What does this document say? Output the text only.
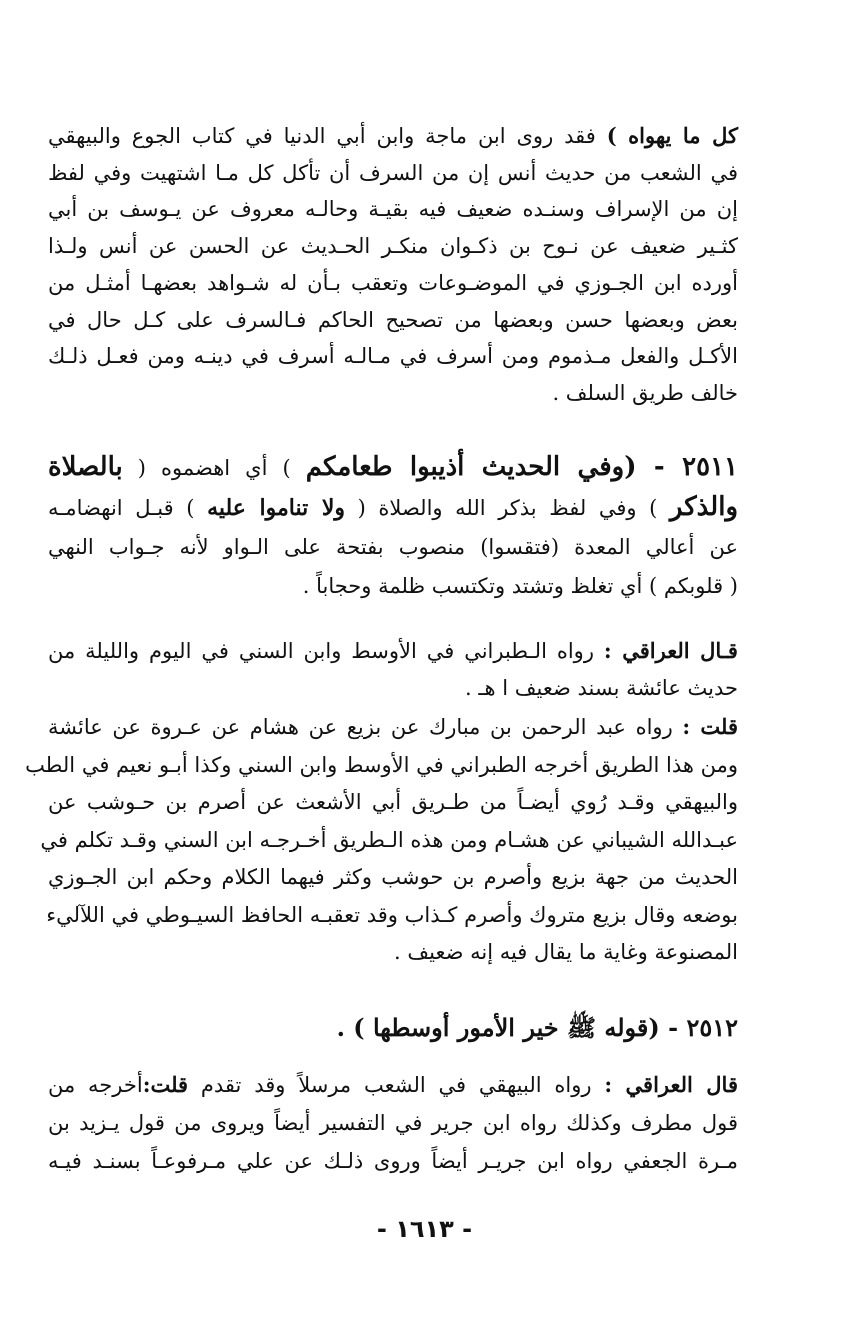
كل ما يهواه ) فقد روى ابن ماجة وابن أبي الدنيا في كتاب الجوع والبيهقي
في الشعب من حديث أنس إن من السرف أن تأكل كل مـا اشتهيت وفي لفظ
إن من الإسراف وسنـده ضعيف فيه بقيـة وحالـه معروف عن يـوسف بن أبي
كثـير ضعيف عن نـوح بن ذكـوان منكـر الحـديث عن الحسن عن أنس ولـذا
أورده ابن الجـوزي في الموضـوعات وتعقب بـأن له شـواهد بعضهـا أمثـل من
بعض وبعضها حسن وبعضها من تصحيح الحاكم فـالسرف على كـل حال في
الأكـل والفعل مـذموم ومن أسرف في مـالـه أسرف في دينـه ومن فعـل ذلـك
خالف طريق السلف .
٢٥١١ - (وفي الحديث أذيبوا طعامكم ) أي اهضموه ( بالصلاة
والذكر ) وفي لفظ بذكر الله والصلاة ( ولا تناموا عليه ) قبـل انهضامـه
عن أعالي المعدة (فتقسوا) منصوب بفتحة على الـواو لأنه جـواب النهي
( قلوبكم ) أي تغلظ وتشتد وتكتسب ظلمة وحجاباً .
قـال العراقي : رواه الـطبراني في الأوسط وابن السني في اليوم والليلة من
حديث عائشة بسند ضعيف ا هـ .
قلت : رواه عبد الرحمن بن مبارك عن بزيع عن هشام عن عـروة عن عائشة
ومن هذا الطريق أخرجه الطبراني في الأوسط وابن السني وكذا أبـو نعيم في الطب
والبيهقي وقـد رُوي أيضـاً من طـريق أبي الأشعث عن أصرم بن حـوشب عن
عبـدالله الشيباني عن هشـام ومن هذه الـطريق أخـرجـه ابن السني وقـد تكلم في
الحديث من جهة بزيع وأصرم بن حوشب وكثر فيهما الكلام وحكم ابن الجـوزي
بوضعه وقال بزيع متروك وأصرم كـذاب وقد تعقبـه الحافظ السيـوطي في اللآليء
المصنوعة وغاية ما يقال فيه إنه ضعيف .
٢٥١٢ - (قوله ﷺ خير الأمور أوسطها ) .
قال العراقي : رواه البيهقي في الشعب مرسلاً وقد تقدم قلت:أخرجه من
قول مطرف وكذلك رواه ابن جرير في التفسير أيضاً ويروى من قول يـزيد بن
مـرة الجعفي رواه ابن جريـر أيضاً وروى ذلـك عن علي مـرفوعـاً بسنـد فيـه
- ١٦١٣ -
